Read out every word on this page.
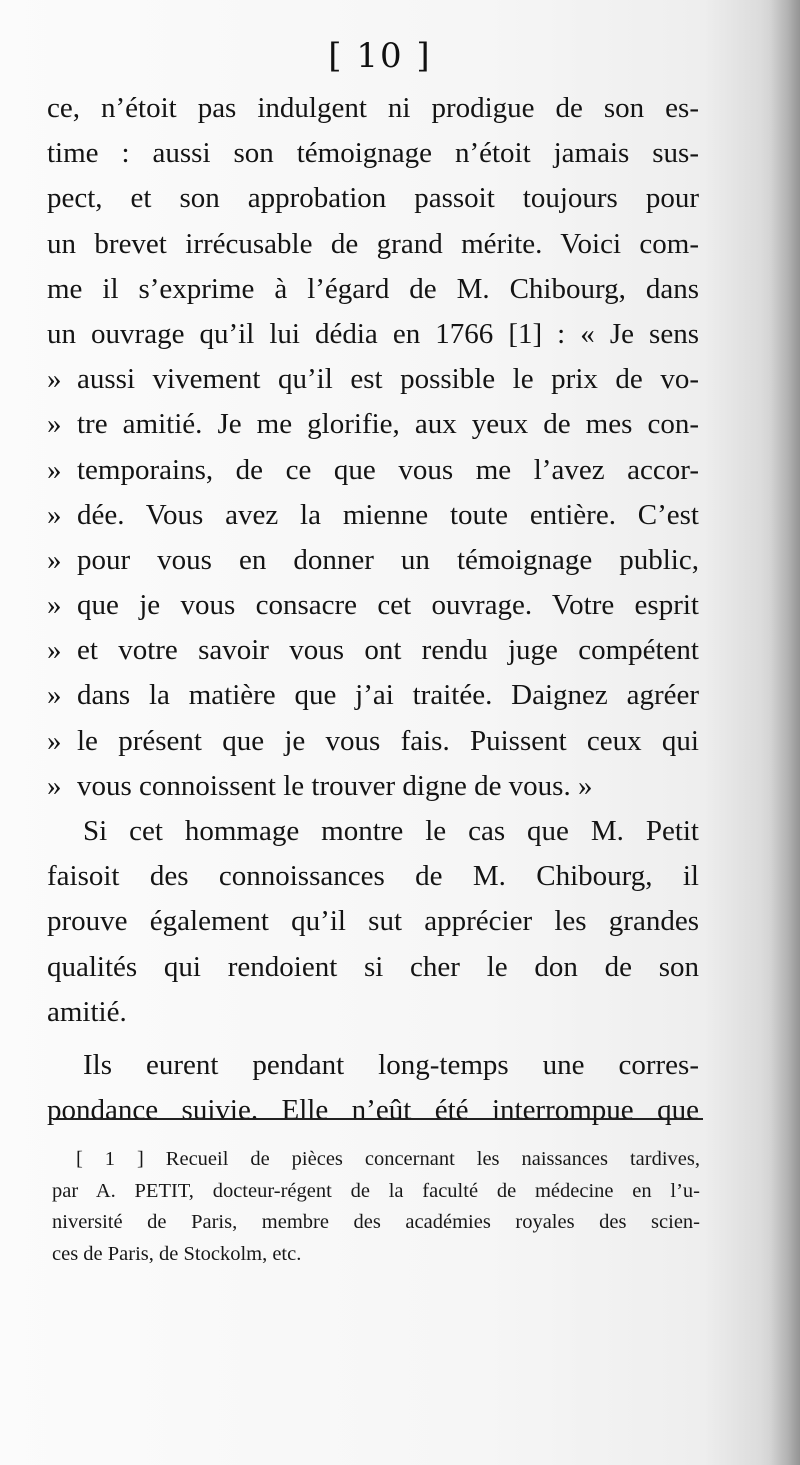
[ 10 ]
ce, n’étoit pas indulgent ni prodigue de son es-
time : aussi son témoignage n’étoit jamais sus-
pect, et son approbation passoit toujours pour
un brevet irrécusable de grand mérite. Voici com-
me il s’exprime à l’égard de M. Chibourg, dans
un ouvrage qu’il lui dédia en 1766 [1] : « Je sens
» aussi vivement qu’il est possible le prix de vo-
» tre amitié. Je me glorifie, aux yeux de mes con-
» temporains, de ce que vous me l’avez accor-
» dée. Vous avez la mienne toute entière. C’est
» pour vous en donner un témoignage public,
» que je vous consacre cet ouvrage. Votre esprit
» et votre savoir vous ont rendu juge compétent
» dans la matière que j’ai traitée. Daignez agréer
» le présent que je vous fais. Puissent ceux qui
» vous connoissent le trouver digne de vous. »
Si cet hommage montre le cas que M. Petit
faisoit des connoissances de M. Chibourg, il
prouve également qu’il sut apprécier les grandes
qualités qui rendoient si cher le don de son
amitié.
Ils eurent pendant long-temps une corres-
pondance suivie. Elle n’eût été interrompue que
[ 1 ] Recueil de pièces concernant les naissances tardives,
par A. PETIT, docteur-régent de la faculté de médecine en l’u-
niversité de Paris, membre des académies royales des scien-
ces de Paris, de Stockolm, etc.
